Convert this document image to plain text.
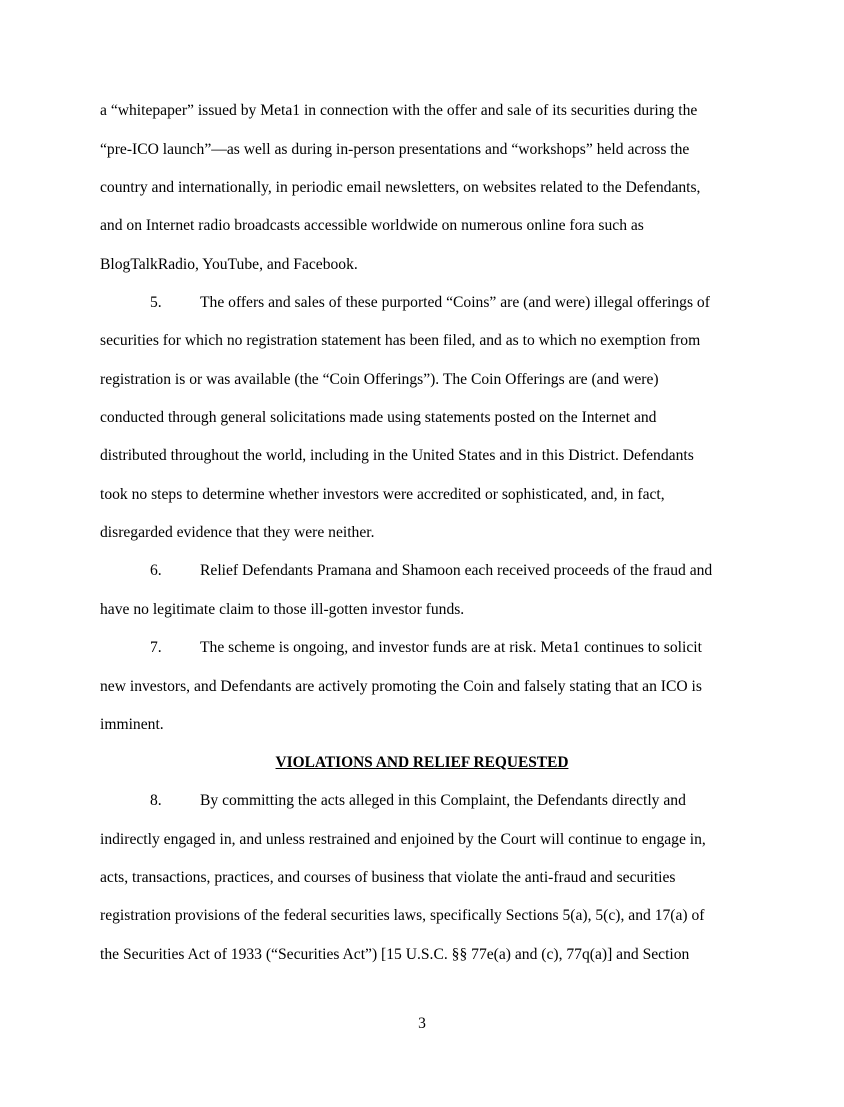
a “whitepaper” issued by Meta1 in connection with the offer and sale of its securities during the
“pre-ICO launch”—as well as during in-person presentations and “workshops” held across the
country and internationally, in periodic email newsletters, on websites related to the Defendants,
and on Internet radio broadcasts accessible worldwide on numerous online fora such as
BlogTalkRadio, YouTube, and Facebook.
5. The offers and sales of these purported “Coins” are (and were) illegal offerings of
securities for which no registration statement has been filed, and as to which no exemption from
registration is or was available (the “Coin Offerings”). The Coin Offerings are (and were)
conducted through general solicitations made using statements posted on the Internet and
distributed throughout the world, including in the United States and in this District. Defendants
took no steps to determine whether investors were accredited or sophisticated, and, in fact,
disregarded evidence that they were neither.
6. Relief Defendants Pramana and Shamoon each received proceeds of the fraud and
have no legitimate claim to those ill-gotten investor funds.
7. The scheme is ongoing, and investor funds are at risk. Meta1 continues to solicit
new investors, and Defendants are actively promoting the Coin and falsely stating that an ICO is
imminent.
VIOLATIONS AND RELIEF REQUESTED
8. By committing the acts alleged in this Complaint, the Defendants directly and
indirectly engaged in, and unless restrained and enjoined by the Court will continue to engage in,
acts, transactions, practices, and courses of business that violate the anti-fraud and securities
registration provisions of the federal securities laws, specifically Sections 5(a), 5(c), and 17(a) of
the Securities Act of 1933 (“Securities Act”) [15 U.S.C. §§ 77e(a) and (c), 77q(a)] and Section
3
